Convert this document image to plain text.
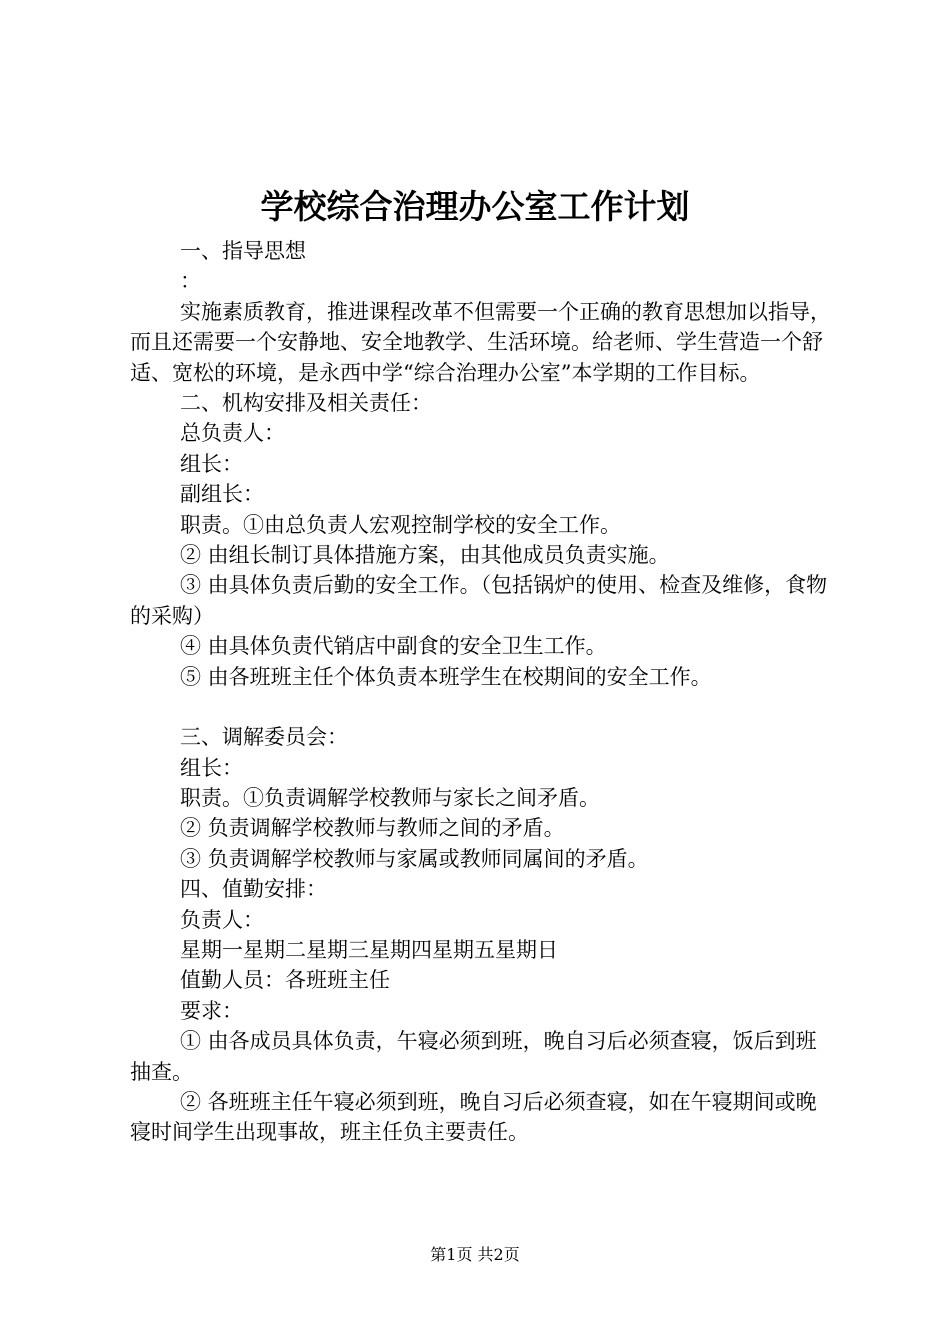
学校综合治理办公室工作计划

一、指导思想

：

实施素质教育，推进课程改革不但需要一个正确的教育思想加以指导，而且还需要一个安静地、安全地教学、生活环境。给老师、学生营造一个舒适、宽松的环境，是永西中学“综合治理办公室”本学期的工作目标。

二、机构安排及相关责任：

总负责人：

组长：

副组长：

职责。①由总负责人宏观控制学校的安全工作。

② 由组长制订具体措施方案，由其他成员负责实施。

③ 由具体负责后勤的安全工作。（包括锅炉的使用、检查及维修，食物的采购）

④ 由具体负责代销店中副食的安全卫生工作。

⑤ 由各班班主任个体负责本班学生在校期间的安全工作。

三、调解委员会：

组长：

职责。①负责调解学校教师与家长之间矛盾。

② 负责调解学校教师与教师之间的矛盾。

③ 负责调解学校教师与家属或教师同属间的矛盾。

四、值勤安排：

负责人：

星期一星期二星期三星期四星期五星期日

值勤人员：各班班主任

要求：

① 由各成员具体负责，午寝必须到班，晚自习后必须查寝，饭后到班抽查。

② 各班班主任午寝必须到班，晚自习后必须查寝，如在午寝期间或晚寝时间学生出现事故，班主任负主要责任。

第1页 共2页
